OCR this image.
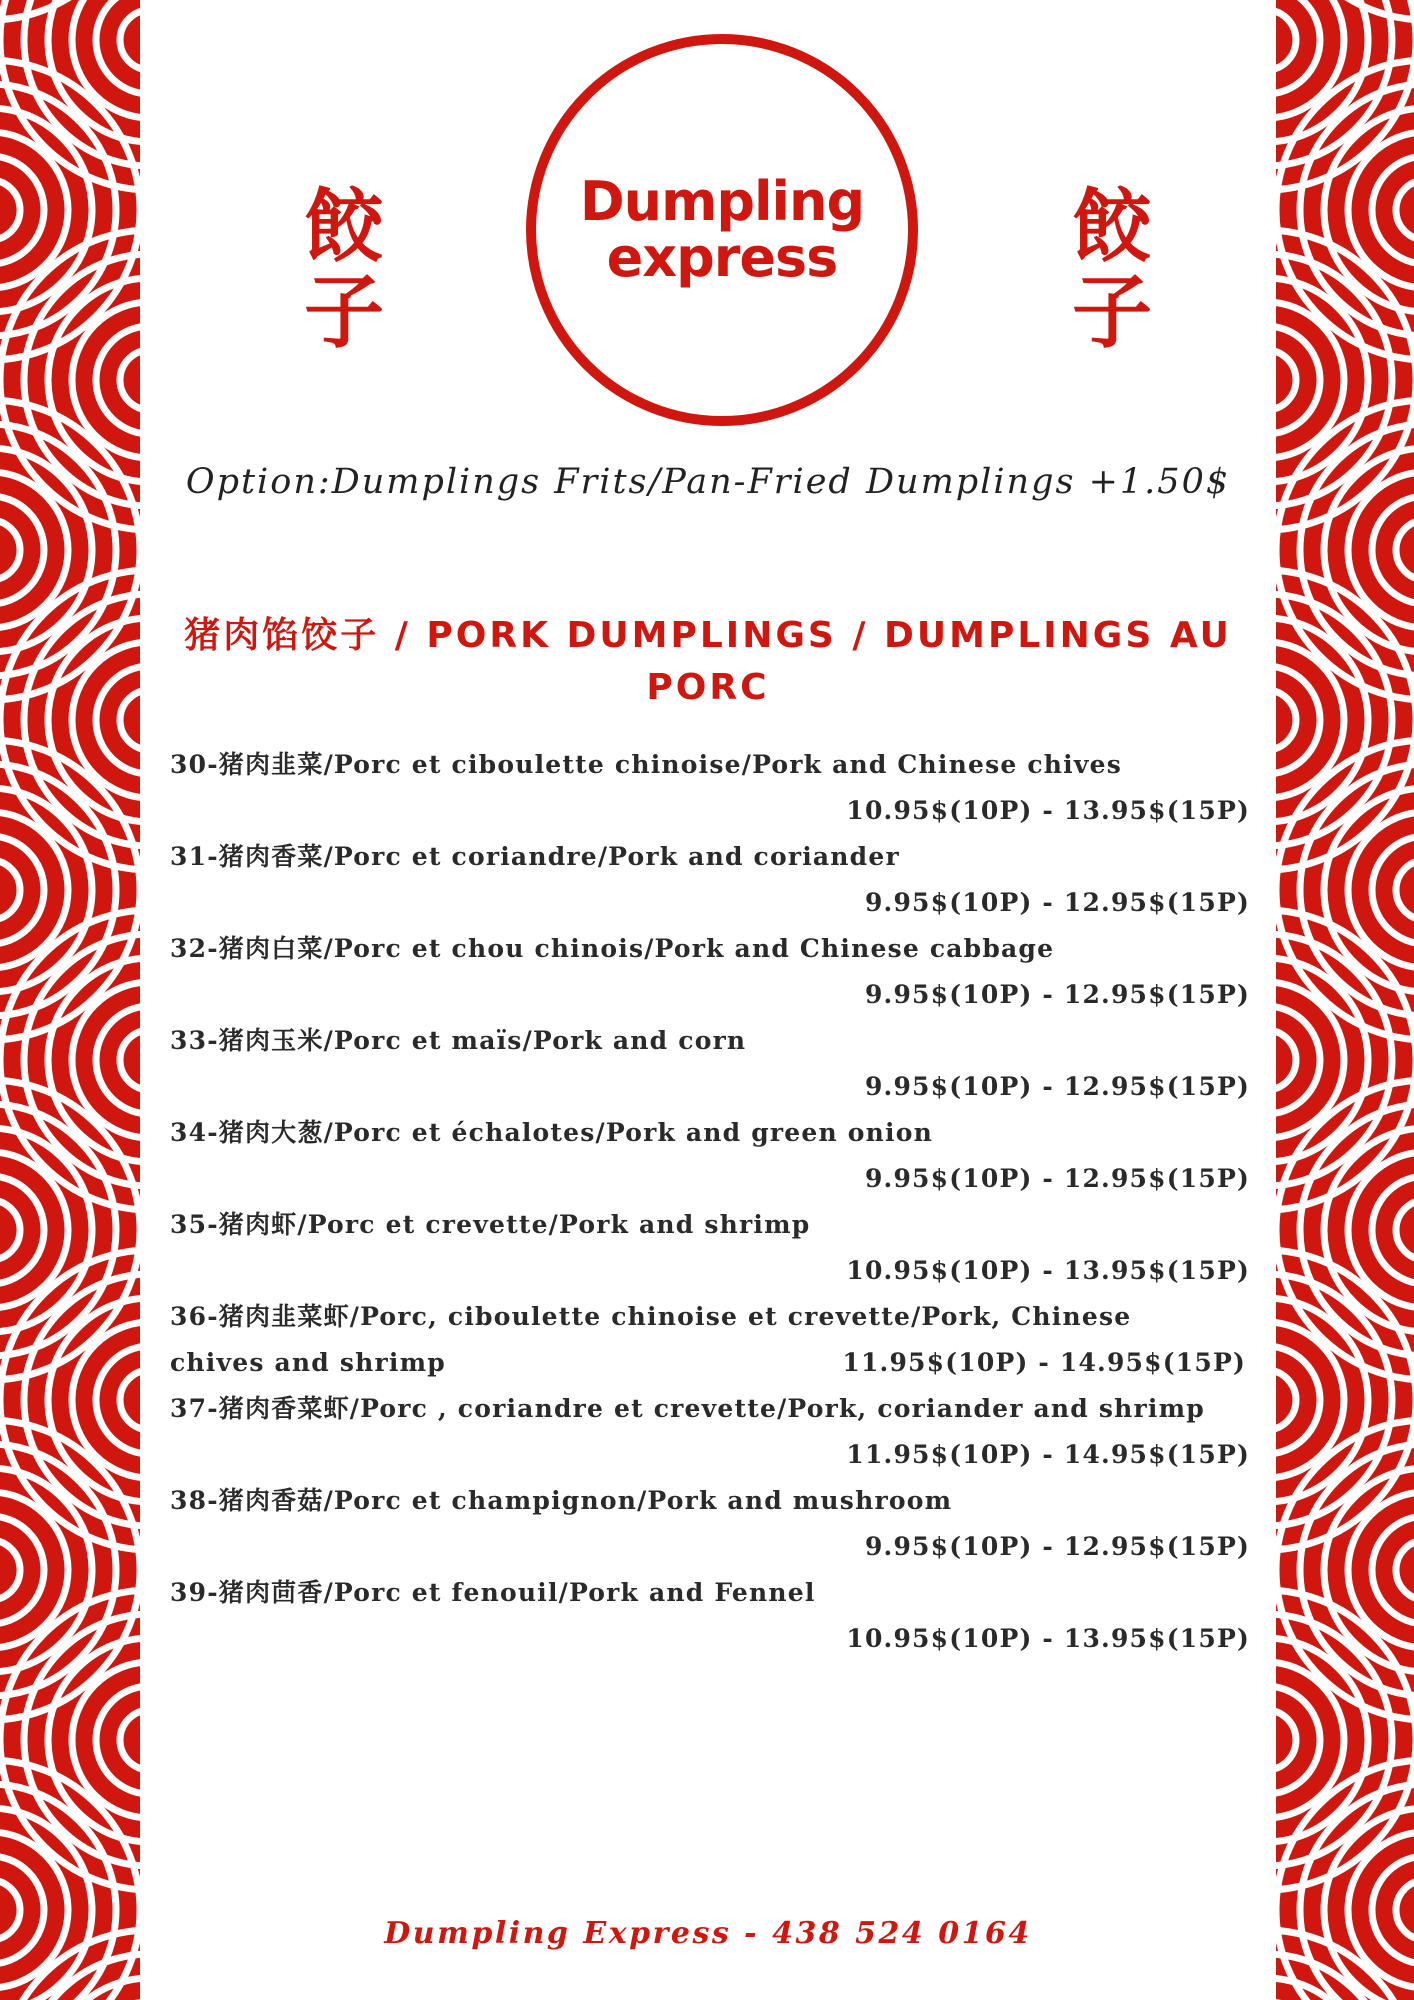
餃
子
Dumpling
express	餃
子
Option:Dumplings Frits/Pan-Fried Dumplings +1.50$
猪肉馅饺子 / PORK DUMPLINGS / DUMPLINGS AU PORC
30-猪肉韭菜/Porc et ciboulette chinoise/Pork and Chinese chives
10.95$(10P) - 13.95$(15P)
31-猪肉香菜/Porc et coriandre/Pork and coriander
9.95$(10P) - 12.95$(15P)
32-猪肉白菜/Porc et chou chinois/Pork and Chinese cabbage
9.95$(10P) - 12.95$(15P)
33-猪肉玉米/Porc et maïs/Pork and corn
9.95$(10P) - 12.95$(15P)
34-猪肉大葱/Porc et échalotes/Pork and green onion
9.95$(10P) - 12.95$(15P)
35-猪肉虾/Porc et crevette/Pork and shrimp
10.95$(10P) - 13.95$(15P)
36-猪肉韭菜虾/Porc, ciboulette chinoise et crevette/Pork, Chinese
chives and shrimp	11.95$(10P) - 14.95$(15P)
37-猪肉香菜虾/Porc , coriandre et crevette/Pork, coriander and shrimp
11.95$(10P) - 14.95$(15P)
38-猪肉香菇/Porc et champignon/Pork and mushroom
9.95$(10P) - 12.95$(15P)
39-猪肉茴香/Porc et fenouil/Pork and Fennel
10.95$(10P) - 13.95$(15P)
Dumpling Express - 438 524 0164
